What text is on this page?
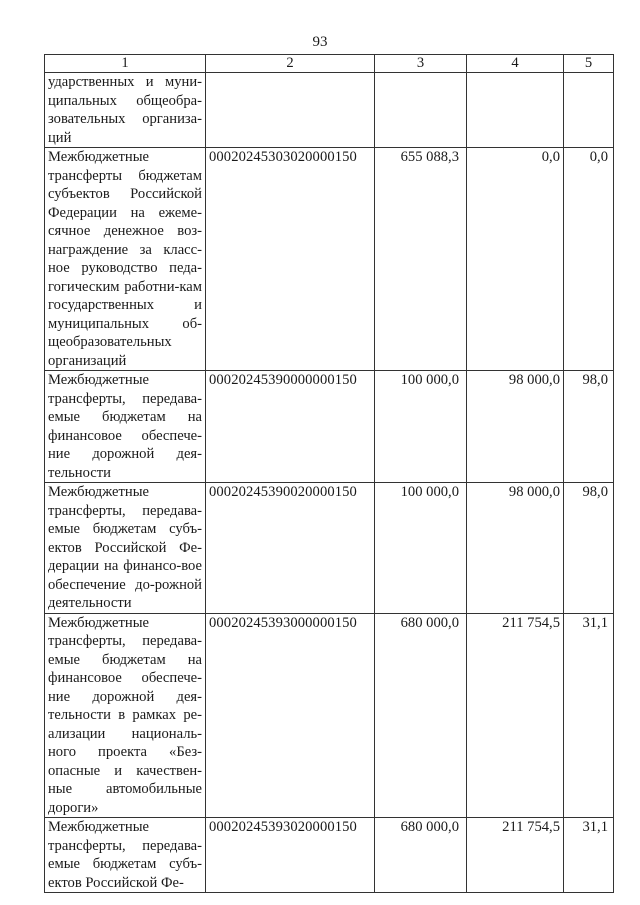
93
1	2	3	4	5
ударственных и муни-ципальных общеобра-зовательных организа-ций				
Межбюджетные трансферты бюджетам субъектов Российской Федерации на ежеме-сячное денежное воз-награждение за класс-ное руководство педа-гогическим работни-кам государственных и муниципальных об-щеобразовательных организаций	00020245303020000150	655 088,3	0,0	0,0
Межбюджетные трансферты, передава-емые бюджетам на финансовое обеспече-ние дорожной дея-тельности	00020245390000000150	100 000,0	98 000,0	98,0
Межбюджетные трансферты, передава-емые бюджетам субъ-ектов Российской Фе-дерации на финансо-вое обеспечение до-рожной деятельности	00020245390020000150	100 000,0	98 000,0	98,0
Межбюджетные трансферты, передава-емые бюджетам на финансовое обеспече-ние дорожной дея-тельности в рамках ре-ализации националь-ного проекта «Без-опасные и качествен-ные автомобильные дороги»	00020245393000000150	680 000,0	211 754,5	31,1
Межбюджетные трансферты, передава-емые бюджетам субъ-ектов Российской Фе-	00020245393020000150	680 000,0	211 754,5	31,1
